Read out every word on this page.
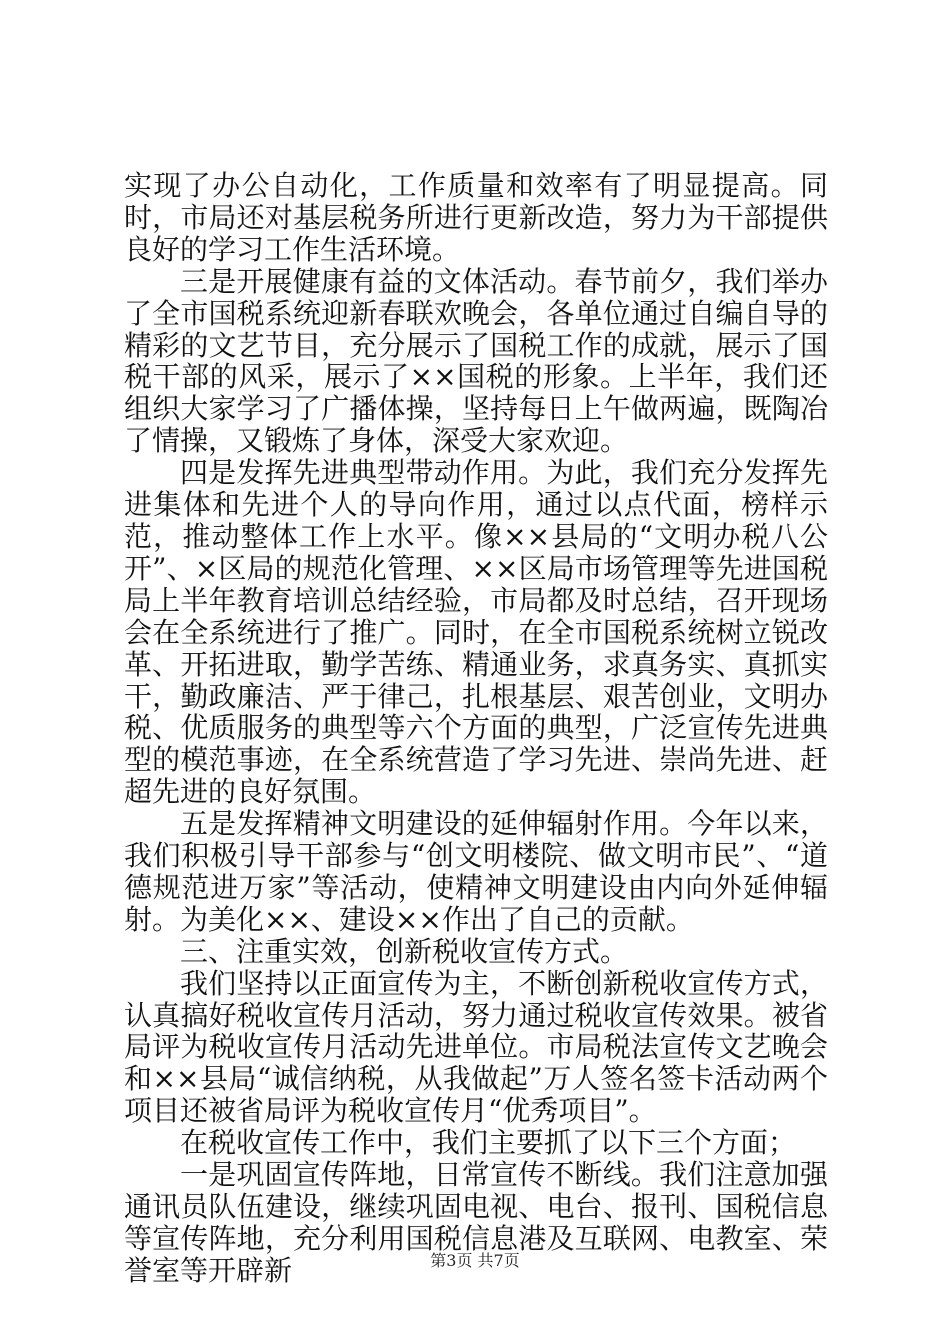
实现了办公自动化，工作质量和效率有了明显提高。同时，市局还对基层税务所进行更新改造，努力为干部提供良好的学习工作生活环境。

三是开展健康有益的文体活动。春节前夕，我们举办了全市国税系统迎新春联欢晚会，各单位通过自编自导的精彩的文艺节目，充分展示了国税工作的成就，展示了国税干部的风采，展示了××国税的形象。上半年，我们还组织大家学习了广播体操，坚持每日上午做两遍，既陶冶了情操，又锻炼了身体，深受大家欢迎。

四是发挥先进典型带动作用。为此，我们充分发挥先进集体和先进个人的导向作用，通过以点代面，榜样示范，推动整体工作上水平。像××县局的“文明办税八公开”、×区局的规范化管理、××区局市场管理等先进国税局上半年教育培训总结经验，市局都及时总结，召开现场会在全系统进行了推广。同时，在全市国税系统树立锐改革、开拓进取，勤学苦练、精通业务，求真务实、真抓实干，勤政廉洁、严于律己，扎根基层、艰苦创业，文明办税、优质服务的典型等六个方面的典型，广泛宣传先进典型的模范事迹，在全系统营造了学习先进、崇尚先进、赶超先进的良好氛围。

五是发挥精神文明建设的延伸辐射作用。今年以来，我们积极引导干部参与“创文明楼院、做文明市民”、“道德规范进万家”等活动，使精神文明建设由内向外延伸辐射。为美化××、建设××作出了自己的贡献。

三、注重实效，创新税收宣传方式。

我们坚持以正面宣传为主，不断创新税收宣传方式，认真搞好税收宣传月活动，努力通过税收宣传效果。被省局评为税收宣传月活动先进单位。市局税法宣传文艺晚会和××县局“诚信纳税，从我做起”万人签名签卡活动两个项目还被省局评为税收宣传月“优秀项目”。

在税收宣传工作中，我们主要抓了以下三个方面；

一是巩固宣传阵地，日常宣传不断线。我们注意加强通讯员队伍建设，继续巩固电视、电台、报刊、国税信息等宣传阵地，充分利用国税信息港及互联网、电教室、荣誉室等开辟新	第3页 共7页
